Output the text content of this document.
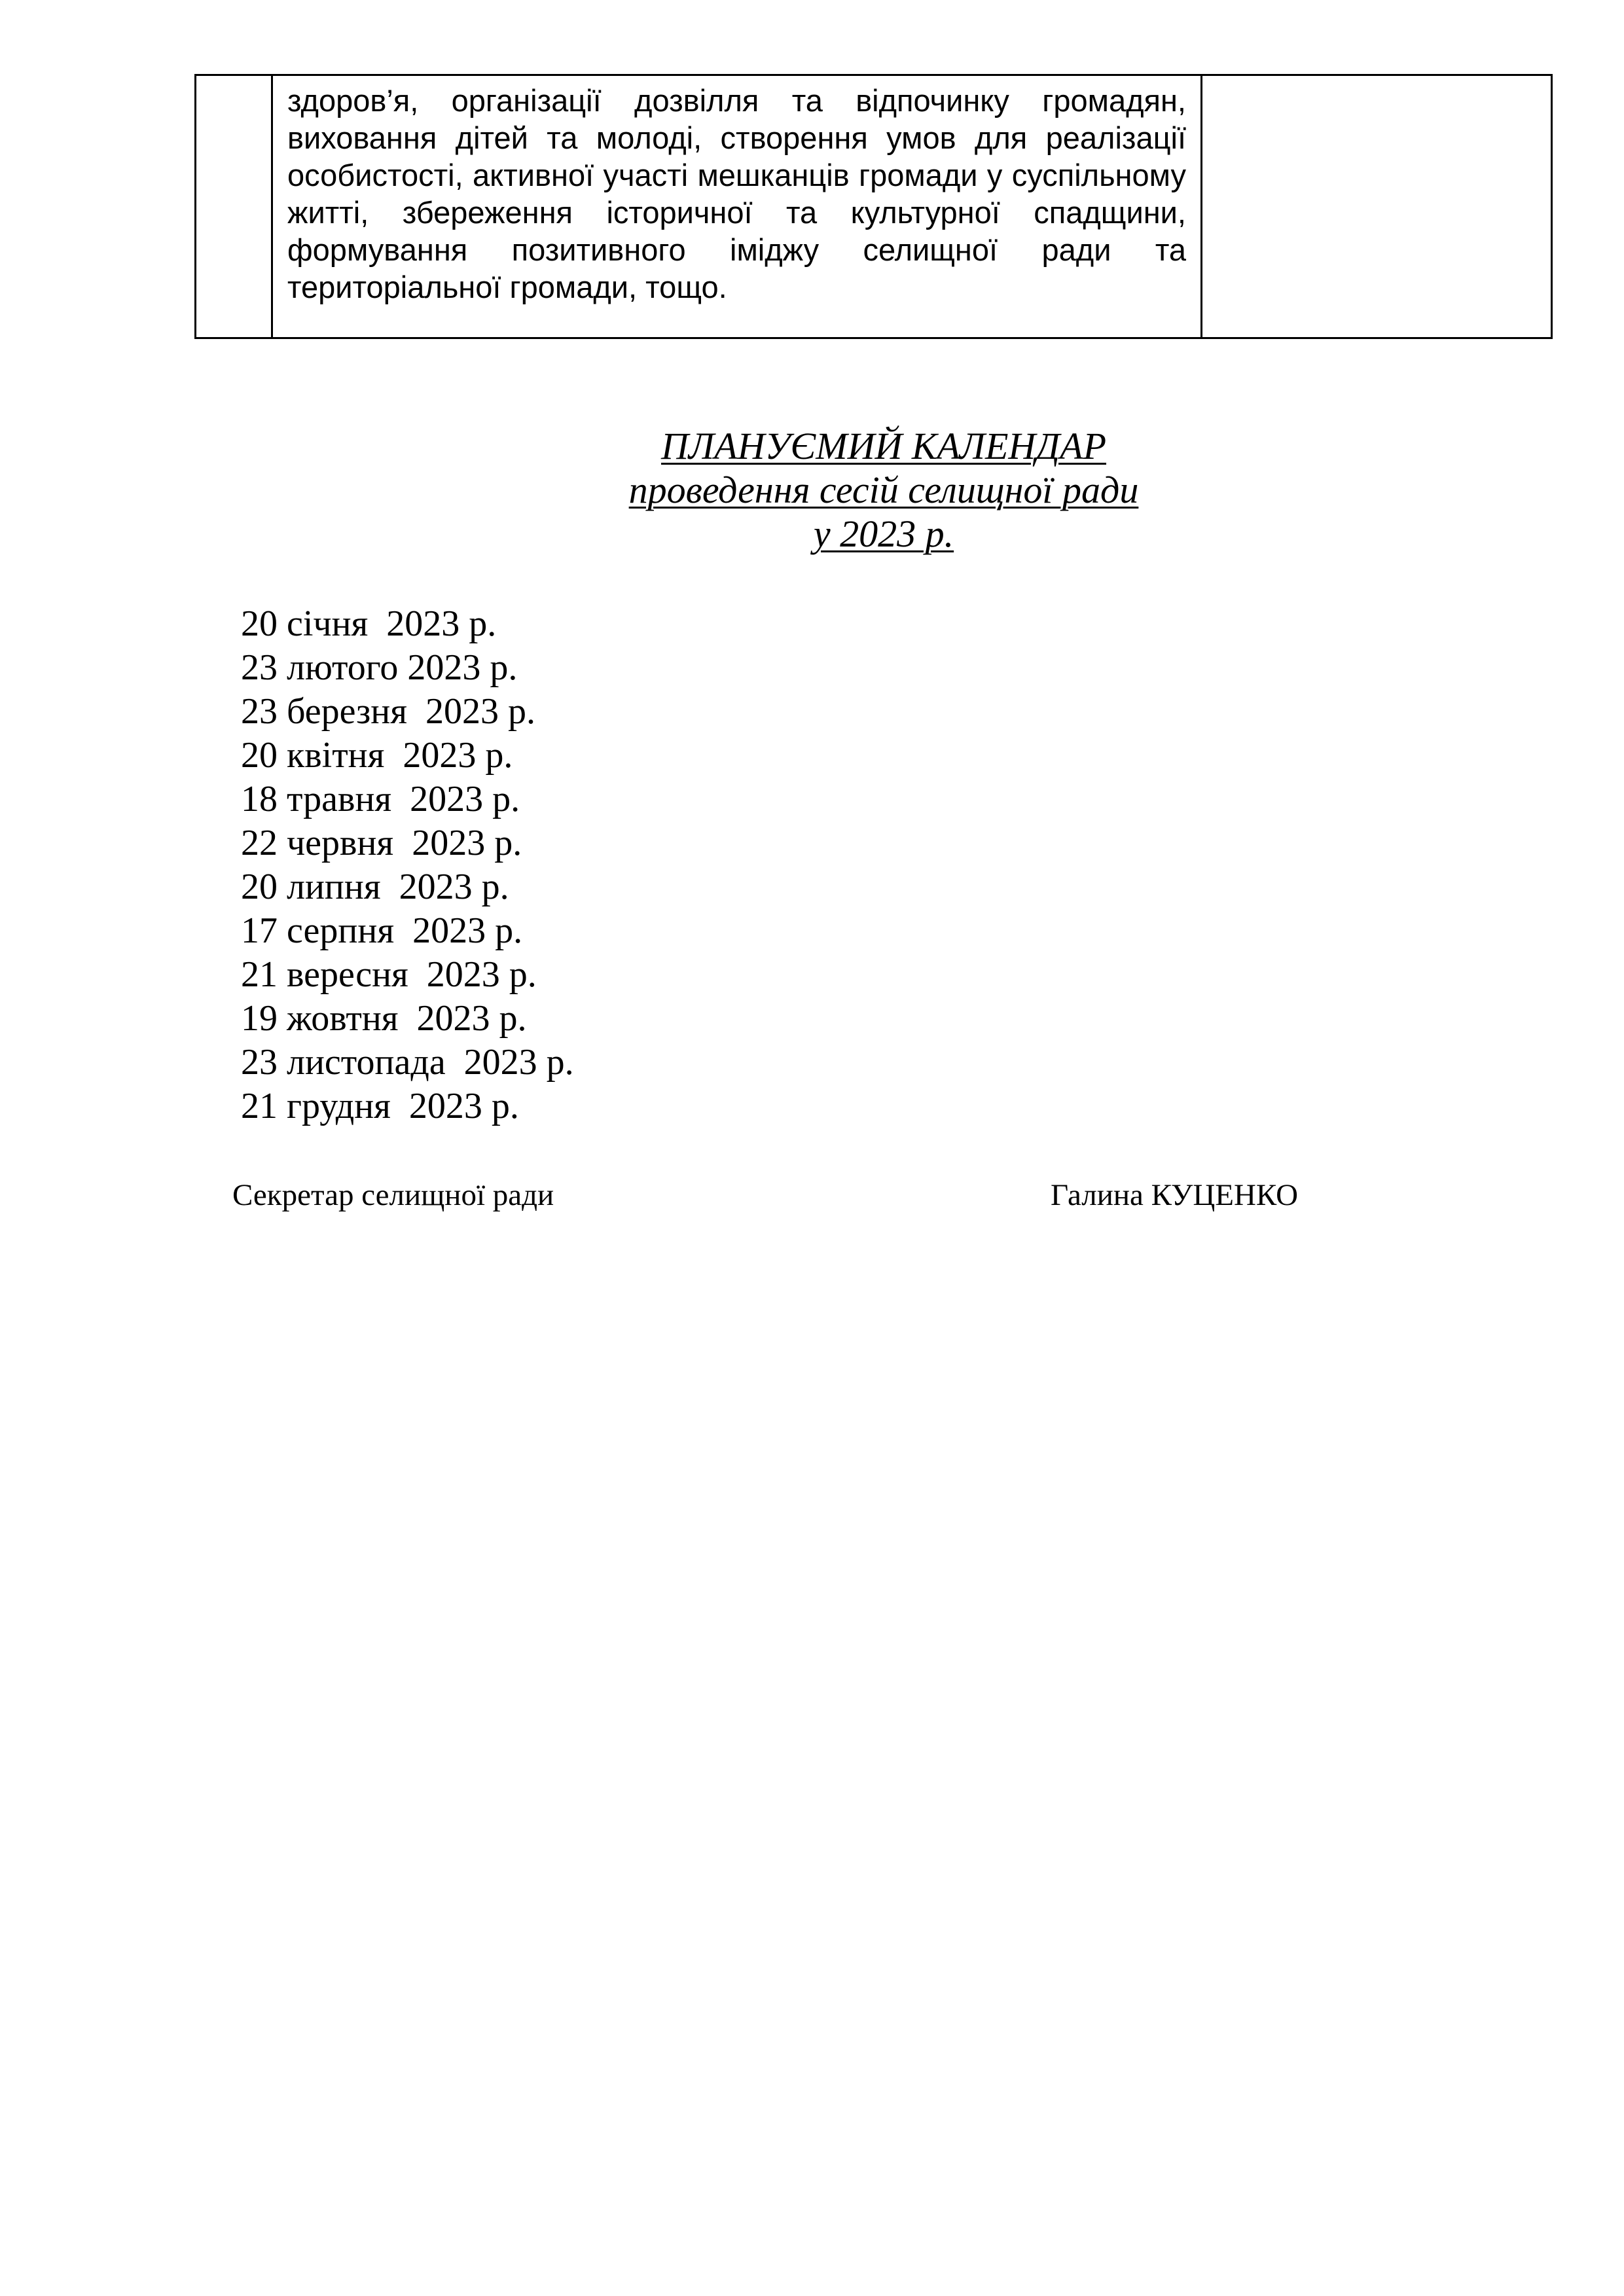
здоров’я, організації дозвілля та відпочинку громадян,
виховання дітей та молоді, створення умов для реалізації
особистості, активної участі мешканців громади у суспільному
житті, збереження історичної та культурної спадщини,
формування позитивного іміджу селищної ради та
територіальної громади, тощо.

ПЛАНУЄМИЙ КАЛЕНДАР
проведення сесій селищної ради
у 2023 р.
20 січня  2023 р.
23 лютого 2023 р.
23 березня  2023 р.
20 квітня  2023 р.
18 травня  2023 р.
22 червня  2023 р.
20 липня  2023 р.
17 серпня  2023 р.
21 вересня  2023 р.
19 жовтня  2023 р.
23 листопада  2023 р.
21 грудня  2023 р.
Секретар селищної ради	Галина КУЦЕНКО
